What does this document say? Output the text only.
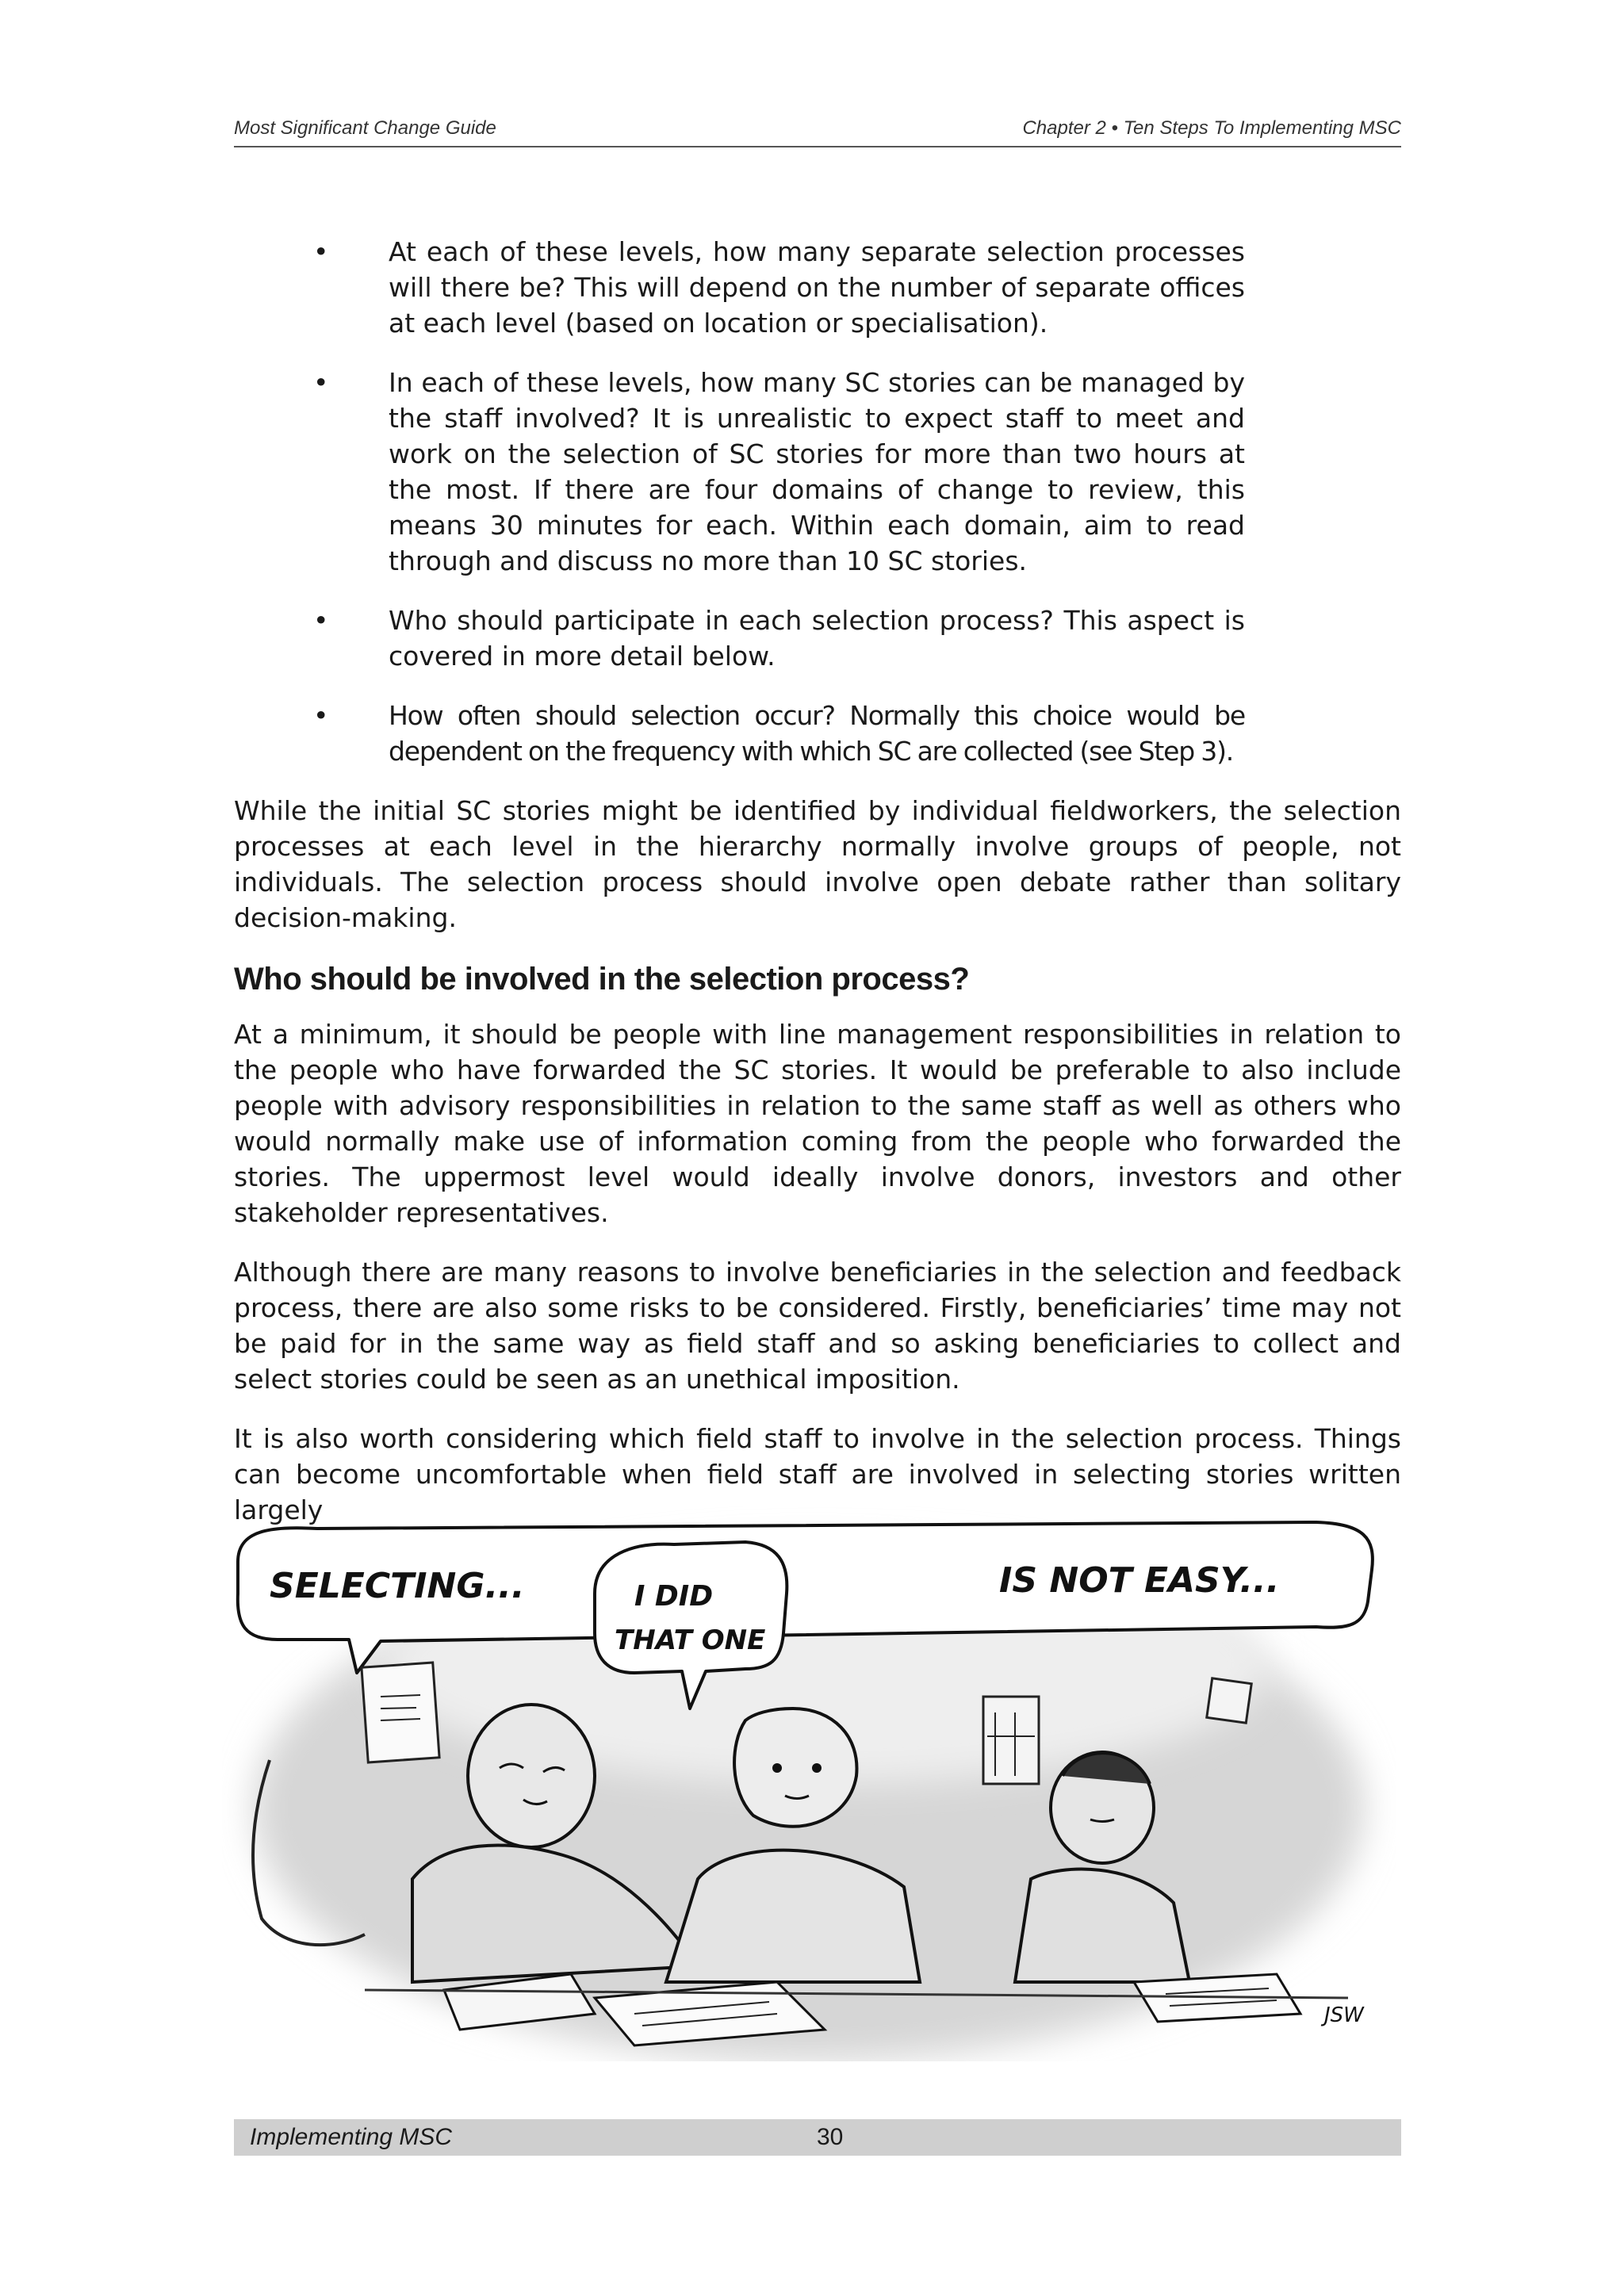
Most Significant Change Guide	Chapter 2 • Ten Steps To Implementing MSC
• At each of these levels, how many separate selection processes will there be? This will depend on the number of separate offices at each level (based on location or specialisation).
• In each of these levels, how many SC stories can be managed by the staff involved? It is unrealistic to expect staff to meet and work on the selection of SC stories for more than two hours at the most. If there are four domains of change to review, this means 30 minutes for each. Within each domain, aim to read through and discuss no more than 10 SC stories.
• Who should participate in each selection process? This aspect is covered in more detail below.
• How often should selection occur? Normally this choice would be dependent on the frequency with which SC are collected (see Step 3).

While the initial SC stories might be identified by individual fieldworkers, the selection processes at each level in the hierarchy normally involve groups of people, not individuals. The selection process should involve open debate rather than solitary decision-making.

Who should be involved in the selection process?

At a minimum, it should be people with line management responsibilities in relation to the people who have forwarded the SC stories. It would be preferable to also include people with advisory responsibilities in relation to the same staff as well as others who would normally make use of information coming from the people who forwarded the stories. The uppermost level would ideally involve donors, investors and other stakeholder representatives.

Although there are many reasons to involve beneficiaries in the selection and feedback process, there are also some risks to be considered. Firstly, beneficiaries’ time may not be paid for in the same way as field staff and so asking beneficiaries to collect and select stories could be seen as an unethical imposition.

It is also worth considering which field staff to involve in the selection process. Things can become uncomfortable when field staff are involved in selecting stories written largely

SELECTING...	IS NOT EASY...
I DID
THAT ONE
JSW
Implementing MSC	30
